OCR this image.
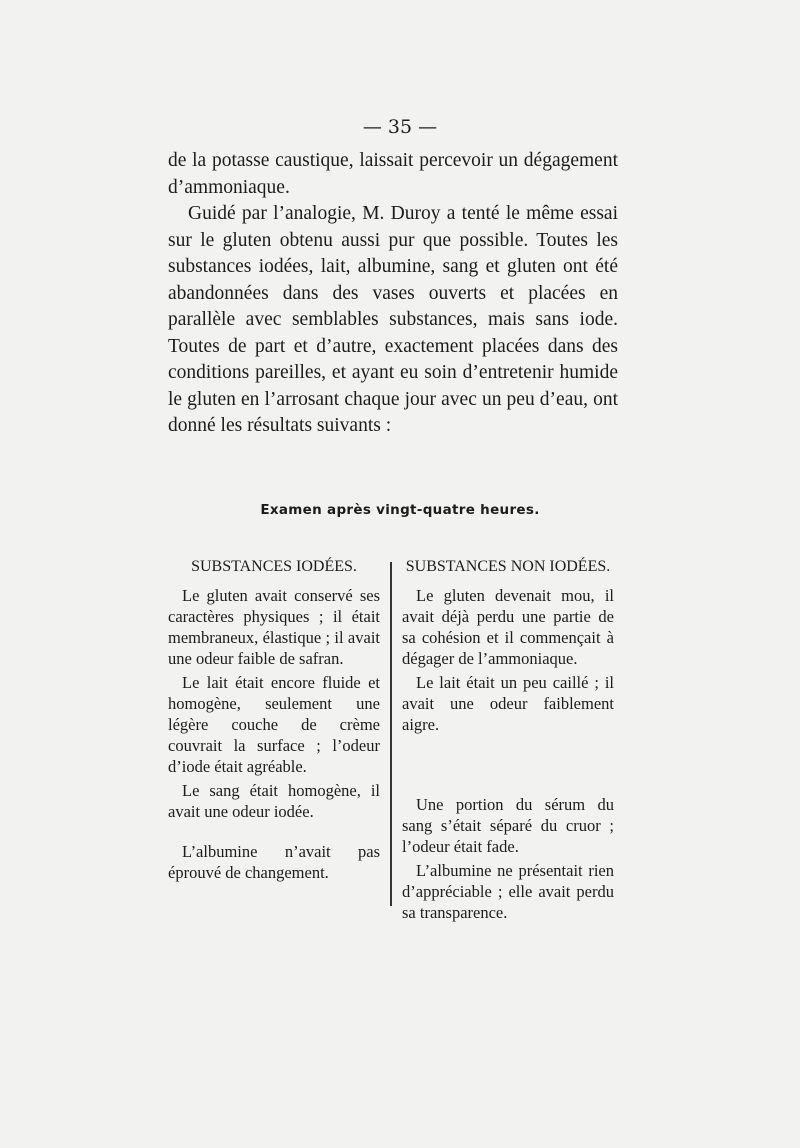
— 35 —

de la potasse caustique, laissait percevoir un dégagement d’ammoniaque.

Guidé par l’analogie, M. Duroy a tenté le même essai sur le gluten obtenu aussi pur que possible. Toutes les substances iodées, lait, albumine, sang et gluten ont été abandonnées dans des vases ouverts et placées en parallèle avec semblables substances, mais sans iode. Toutes de part et d’autre, exactement placées dans des conditions pareilles, et ayant eu soin d’entretenir humide le gluten en l’arrosant chaque jour avec un peu d’eau, ont donné les résultats suivants :

Examen après vingt-quatre heures.
SUBSTANCES IODÉES.

Le gluten avait conservé ses caractères physiques ; il était membraneux, élastique ; il avait une odeur faible de safran.

Le lait était encore fluide et homogène, seulement une légère couche de crème couvrait la surface ; l’odeur d’iode était agréable.

Le sang était homogène, il avait une odeur iodée.

L’albumine n’avait pas éprouvé de changement.

SUBSTANCES NON IODÉES.

Le gluten devenait mou, il avait déjà perdu une partie de sa cohésion et il commençait à dégager de l’ammoniaque.

Le lait était un peu caillé ; il avait une odeur faiblement aigre.

Une portion du sérum du sang s’était séparé du cruor ; l’odeur était fade.

L’albumine ne présentait rien d’appréciable ; elle avait perdu sa transparence.
